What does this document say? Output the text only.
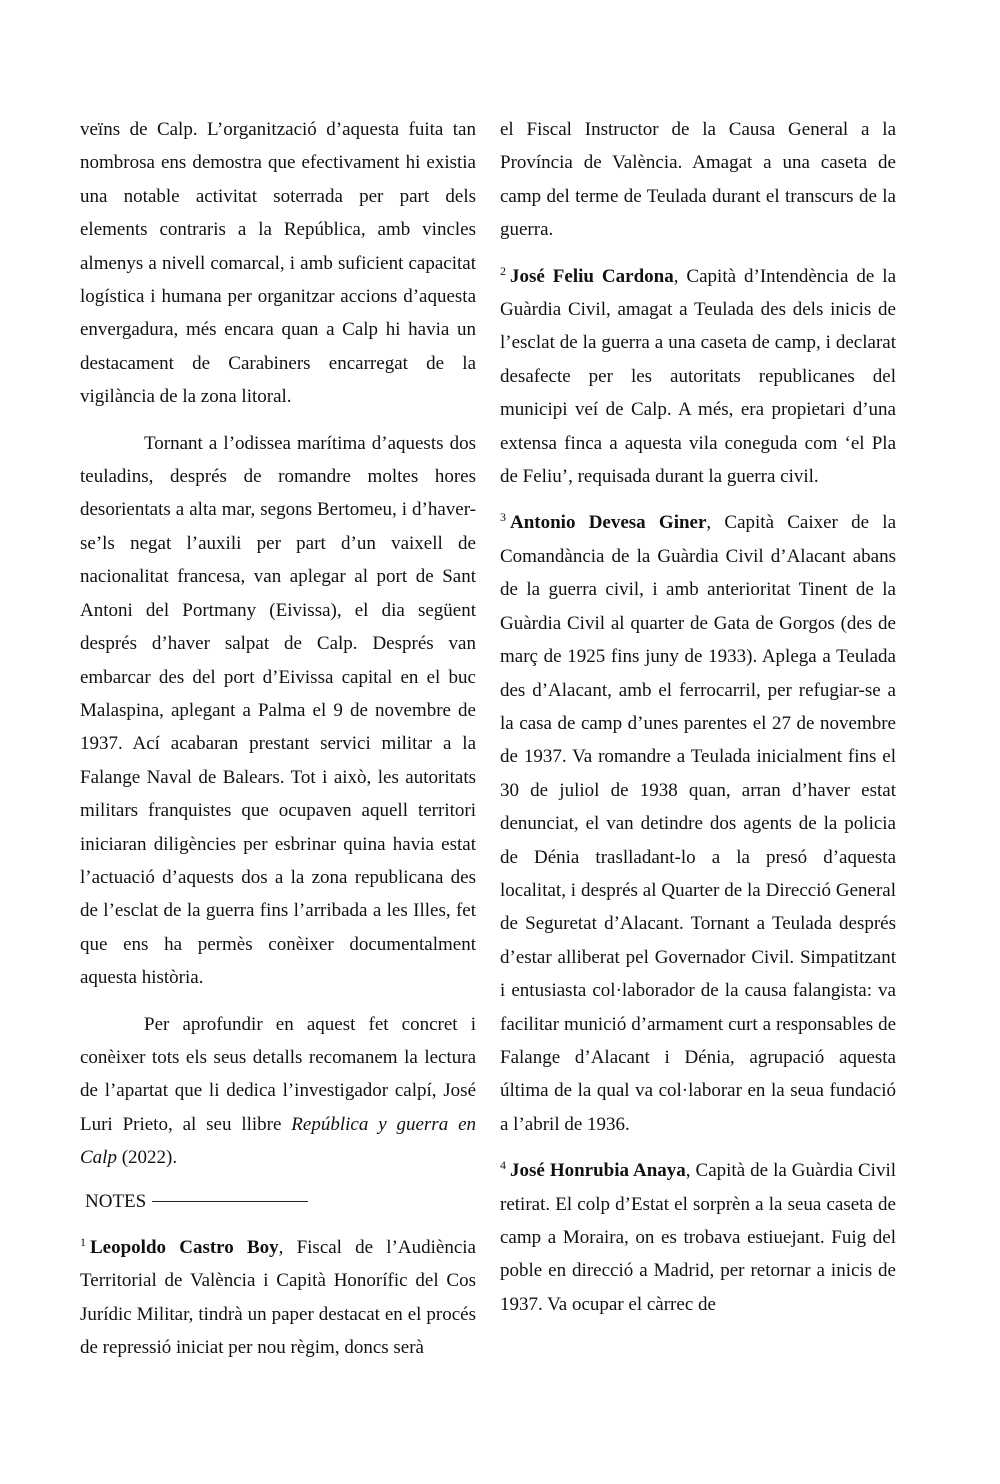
veïns de Calp. L’organització d’aquesta fuita tan nombrosa ens demostra que efectivament hi existia una notable activitat soterrada per part dels elements contraris a la República, amb vincles almenys a nivell comarcal, i amb suficient capacitat logística i humana per organitzar accions d’aquesta envergadura, més encara quan a Calp hi havia un destacament de Carabiners encarregat de la vigilància de la zona litoral.

Tornant a l’odissea marítima d’aquests dos teuladins, després de romandre moltes hores desorientats a alta mar, segons Bertomeu, i d’haver-se’ls negat l’auxili per part d’un vaixell de nacionalitat francesa, van aplegar al port de Sant Antoni del Portmany (Eivissa), el dia següent després d’haver salpat de Calp. Després van embarcar des del port d’Eivissa capital en el buc Malaspina, aplegant a Palma el 9 de novembre de 1937. Ací acabaran prestant servici militar a la Falange Naval de Balears. Tot i això, les autoritats militars franquistes que ocupaven aquell territori iniciaran diligències per esbrinar quina havia estat l’actuació d’aquests dos a la zona republicana des de l’esclat de la guerra fins l’arribada a les Illes, fet que ens ha permès conèixer documentalment aquesta història.

Per aprofundir en aquest fet concret i conèixer tots els seus detalls recomanem la lectura de l’apartat que li dedica l’investigador calpí, José Luri Prieto, al seu llibre República y guerra en Calp (2022).

NOTES

$^1$ Leopoldo Castro Boy, Fiscal de l’Audiència Territorial de València i Capità Honorífic del Cos Jurídic Militar, tindrà un paper destacat en el procés de repressió iniciat per nou règim, doncs serà

el Fiscal Instructor de la Causa General a la Província de València. Amagat a una caseta de camp del terme de Teulada durant el transcurs de la guerra.

$^2$ José Feliu Cardona, Capità d’Intendència de la Guàrdia Civil, amagat a Teulada des dels inicis de l’esclat de la guerra a una caseta de camp, i declarat desafecte per les autoritats republicanes del municipi veí de Calp. A més, era propietari d’una extensa finca a aquesta vila coneguda com ‘el Pla de Feliu’, requisada durant la guerra civil.

$^3$ Antonio Devesa Giner, Capità Caixer de la Comandància de la Guàrdia Civil d’Alacant abans de la guerra civil, i amb anterioritat Tinent de la Guàrdia Civil al quarter de Gata de Gorgos (des de març de 1925 fins juny de 1933). Aplega a Teulada des d’Alacant, amb el ferrocarril, per refugiar-se a la casa de camp d’unes parentes el 27 de novembre de 1937. Va romandre a Teulada inicialment fins el 30 de juliol de 1938 quan, arran d’haver estat denunciat, el van detindre dos agents de la policia de Dénia traslladant-lo a la presó d’aquesta localitat, i després al Quarter de la Direcció General de Seguretat d’Alacant. Tornant a Teulada després d’estar alliberat pel Governador Civil. Simpatitzant i entusiasta col·laborador de la causa falangista: va facilitar munició d’armament curt a responsables de Falange d’Alacant i Dénia, agrupació aquesta última de la qual va col·laborar en la seua fundació a l’abril de 1936.

$^4$ José Honrubia Anaya, Capità de la Guàrdia Civil retirat. El colp d’Estat el sorprèn a la seua caseta de camp a Moraira, on es trobava estiuejant. Fuig del poble en direcció a Madrid, per retornar a inicis de 1937. Va ocupar el càrrec de
